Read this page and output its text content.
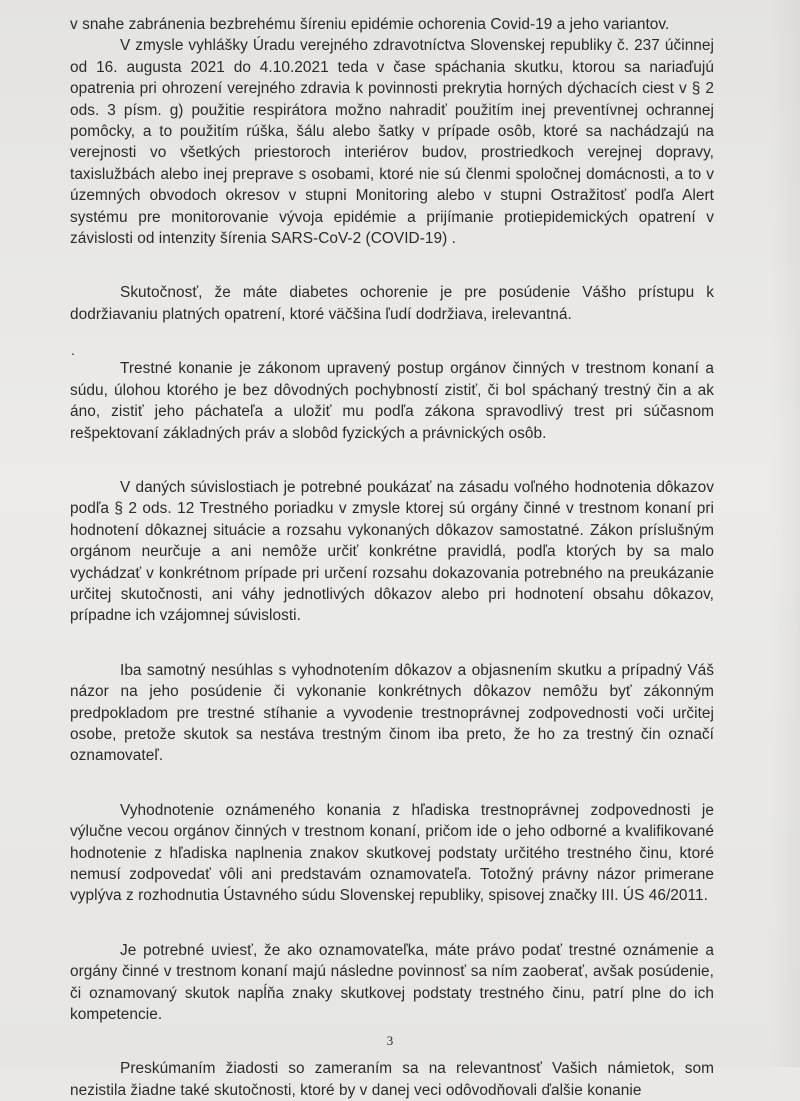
v snahe zabránenia bezbrehému šíreniu epidémie ochorenia Covid-19 a jeho variantov.

V zmysle vyhlášky Úradu verejného zdravotníctva Slovenskej republiky č. 237 účinnej od 16. augusta 2021 do 4.10.2021 teda v čase spáchania skutku, ktorou sa nariaďujú opatrenia pri ohrození verejného zdravia k povinnosti prekrytia horných dýchacích ciest v § 2 ods. 3 písm. g) použitie respirátora možno nahradiť použitím inej preventívnej ochrannej pomôcky, a to použitím rúška, šálu alebo šatky v prípade osôb, ktoré sa nachádzajú na verejnosti vo všetkých priestoroch interiérov budov, prostriedkoch verejnej dopravy, taxislužbách alebo inej preprave s osobami, ktoré nie sú členmi spoločnej domácnosti, a to v územných obvodoch okresov v stupni Monitoring alebo v stupni Ostražitosť podľa Alert systému pre monitorovanie vývoja epidémie a prijímanie protiepidemických opatrení v závislosti od intenzity šírenia SARS-CoV-2 (COVID-19) .

Skutočnosť, že máte diabetes ochorenie je pre posúdenie Vášho prístupu k dodržiavaniu platných opatrení, ktoré väčšina ľudí dodržiava, irelevantná.

Trestné konanie je zákonom upravený postup orgánov činných v trestnom konaní a súdu, úlohou ktorého je bez dôvodných pochybností zistiť, či bol spáchaný trestný čin a ak áno, zistiť jeho páchateľa a uložiť mu podľa zákona spravodlivý trest pri súčasnom rešpektovaní základných práv a slobôd fyzických a právnických osôb.

V daných súvislostiach je potrebné poukázať na zásadu voľného hodnotenia dôkazov podľa § 2 ods. 12 Trestného poriadku v zmysle ktorej sú orgány činné v trestnom konaní pri hodnotení dôkaznej situácie a rozsahu vykonaných dôkazov samostatné. Zákon príslušným orgánom neurčuje a ani nemôže určiť konkrétne pravidlá, podľa ktorých by sa malo vychádzať v konkrétnom prípade pri určení rozsahu dokazovania potrebného na preukázanie určitej skutočnosti, ani váhy jednotlivých dôkazov alebo pri hodnotení obsahu dôkazov, prípadne ich vzájomnej súvislosti.

Iba samotný nesúhlas s vyhodnotením dôkazov a objasnením skutku a prípadný Váš názor na jeho posúdenie či vykonanie konkrétnych dôkazov nemôžu byť zákonným predpokladom pre trestné stíhanie a vyvodenie trestnoprávnej zodpovednosti voči určitej osobe, pretože skutok sa nestáva trestným činom iba preto, že ho za trestný čin označí oznamovateľ.

Vyhodnotenie oznámeného konania z hľadiska trestnoprávnej zodpovednosti je výlučne vecou orgánov činných v trestnom konaní, pričom ide o jeho odborné a kvalifikované hodnotenie z hľadiska naplnenia znakov skutkovej podstaty určitého trestného činu, ktoré nemusí zodpovedať vôli ani predstavám oznamovateľa. Totožný právny názor primerane vyplýva z rozhodnutia Ústavného súdu Slovenskej republiky, spisovej značky III. ÚS 46/2011.

Je potrebné uviesť, že ako oznamovateľka, máte právo podať trestné oznámenie a orgány činné v trestnom konaní majú následne povinnosť sa ním zaoberať, avšak posúdenie, či oznamovaný skutok napĺňa znaky skutkovej podstaty trestného činu, patrí plne do ich kompetencie.

Preskúmaním žiadosti so zameraním sa na relevantnosť Vašich námietok, som nezistila žiadne také skutočnosti, ktoré by v danej veci odôvodňovali ďalšie konanie

.
3
